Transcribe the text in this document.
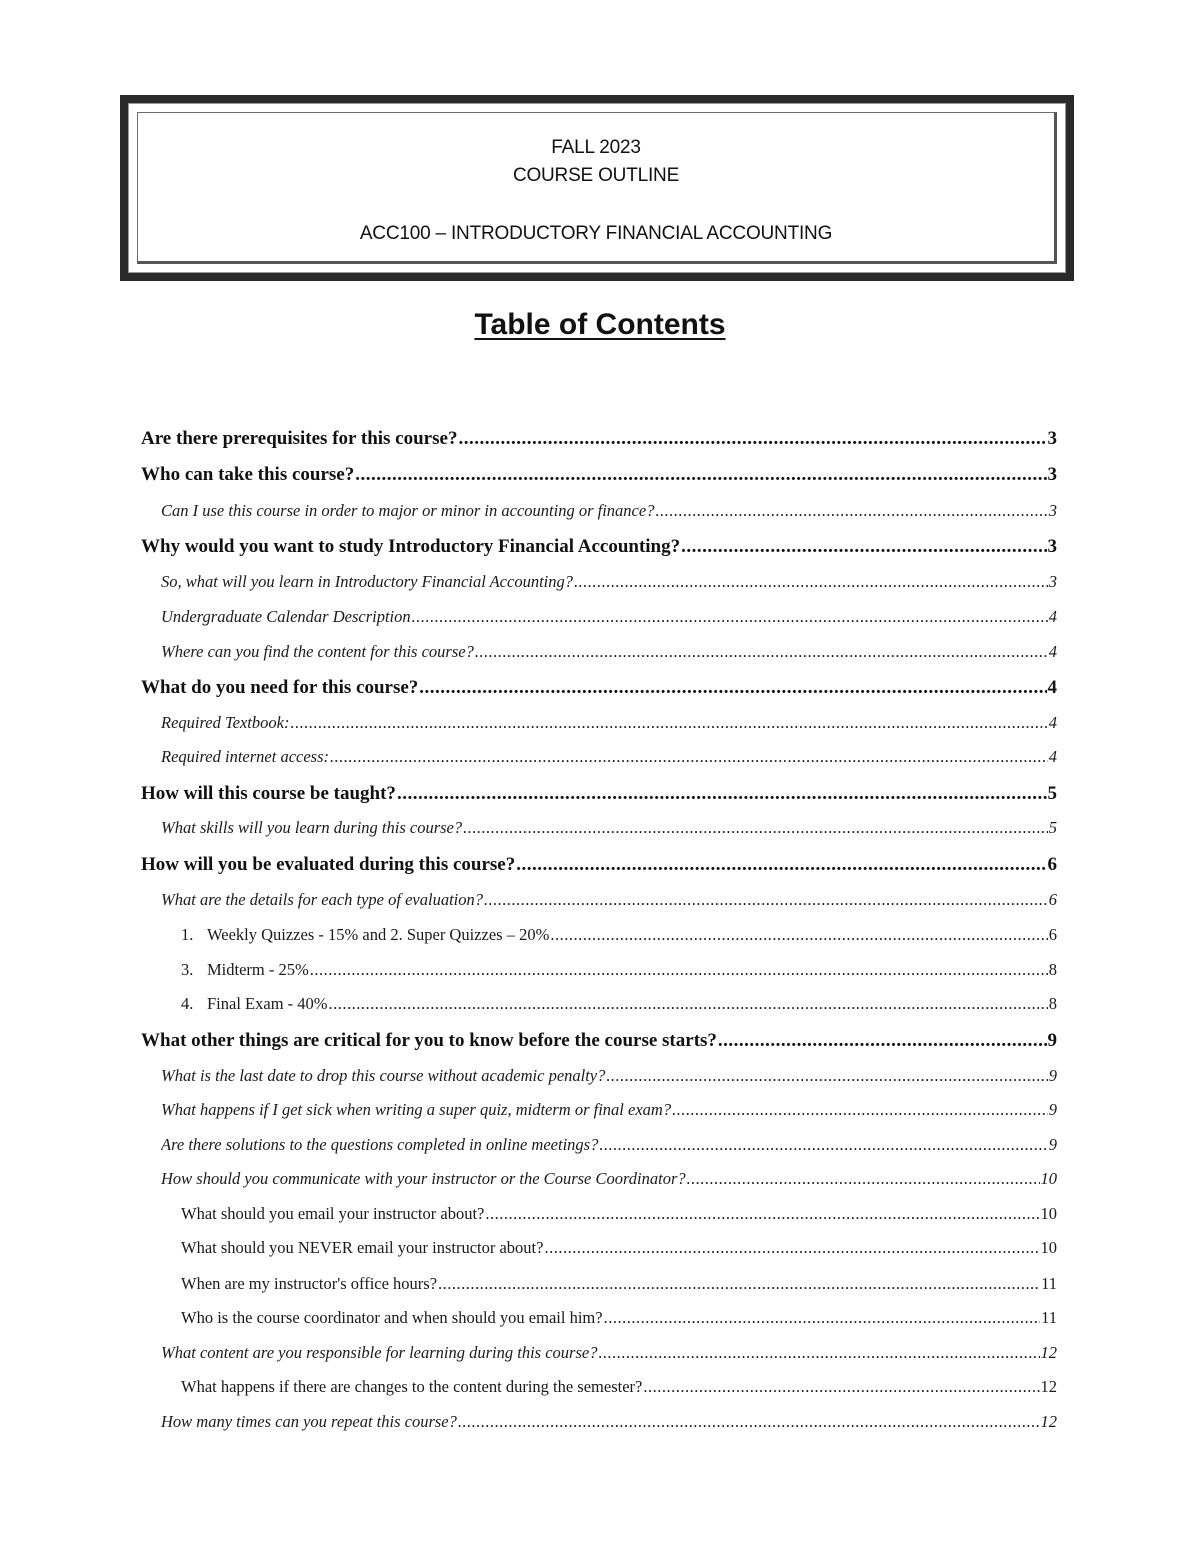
FALL 2023
COURSE OUTLINE
ACC100 – INTRODUCTORY FINANCIAL ACCOUNTING
Table of Contents
Are there prerequisites for this course? .....	3
Who can take this course? .....	3
Can I use this course in order to major or minor in accounting or finance? .....	3
Why would you want to study Introductory Financial Accounting? .....	3
So, what will you learn in Introductory Financial Accounting? .....	3
Undergraduate Calendar Description .....	4
Where can you find the content for this course? .....	4
What do you need for this course? .....	4
Required Textbook: .....	4
Required internet access: .....	4
How will this course be taught? .....	5
What skills will you learn during this course? .....	5
How will you be evaluated during this course? .....	6
What are the details for each type of evaluation? .....	6
1. Weekly Quizzes - 15% and 2. Super Quizzes – 20% .....	6
3. Midterm - 25% .....	8
4. Final Exam - 40% .....	8
What other things are critical for you to know before the course starts? .....	9
What is the last date to drop this course without academic penalty? .....	9
What happens if I get sick when writing a super quiz, midterm or final exam? .....	9
Are there solutions to the questions completed in online meetings? .....	9
How should you communicate with your instructor or the Course Coordinator? .....	10
What should you email your instructor about? .....	10
What should you NEVER email your instructor about? .....	10
When are my instructor's office hours? .....	11
Who is the course coordinator and when should you email him? .....	11
What content are you responsible for learning during this course? .....	12
What happens if there are changes to the content during the semester? .....	12
How many times can you repeat this course? .....	12
